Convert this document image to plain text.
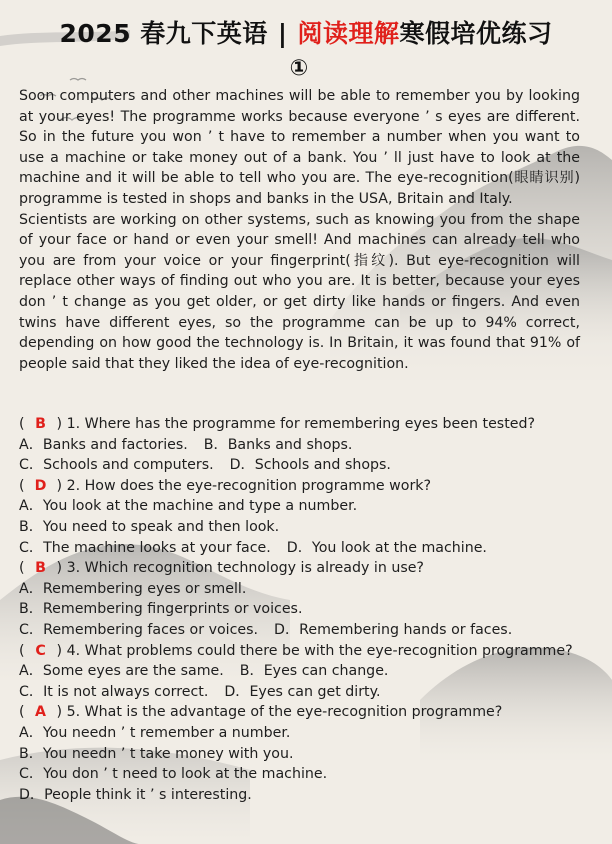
2025 春九下英语 | 阅读理解寒假培优练习
①

Soon computers and other machines will be able to remember you by looking at your eyes! The programme works because everyone ’ s eyes are different. So in the future you won ’ t have to remember a number when you want to use a machine or take money out of a bank. You ’ ll just have to look at the machine and it will be able to tell who you are. The eye-recognition(眼睛识别) programme is tested in shops and banks in the USA, Britain and Italy.

Scientists are working on other systems, such as knowing you from the shape of your face or hand or even your smell! And machines can already tell who you are from your voice or your fingerprint(指纹). But eye-recognition will replace other ways of finding out who you are. It is better, because your eyes don ’ t change as you get older, or get dirty like hands or fingers. And even twins have different eyes, so the programme can be up to 94% correct, depending on how good the technology is. In Britain, it was found that 91% of people said that they liked the idea of eye-recognition.

( B ) 1. Where has the programme for remembering eyes been tested?
A．Banks and factories. B．Banks and shops.
C．Schools and computers. D．Schools and shops.
( D ) 2. How does the eye-recognition programme work?
A．You look at the machine and type a number.
B．You need to speak and then look.
C．The machine looks at your face. D．You look at the machine.
( B ) 3. Which recognition technology is already in use?
A．Remembering eyes or smell.
B．Remembering fingerprints or voices.
C．Remembering faces or voices. D．Remembering hands or faces.
( C ) 4. What problems could there be with the eye-recognition programme?
A．Some eyes are the same. B．Eyes can change.
C．It is not always correct. D．Eyes can get dirty.
( A ) 5. What is the advantage of the eye-recognition programme?
A．You needn ’ t remember a number.
B．You needn ’ t take money with you.
C．You don ’ t need to look at the machine.
D．People think it ’ s interesting.
